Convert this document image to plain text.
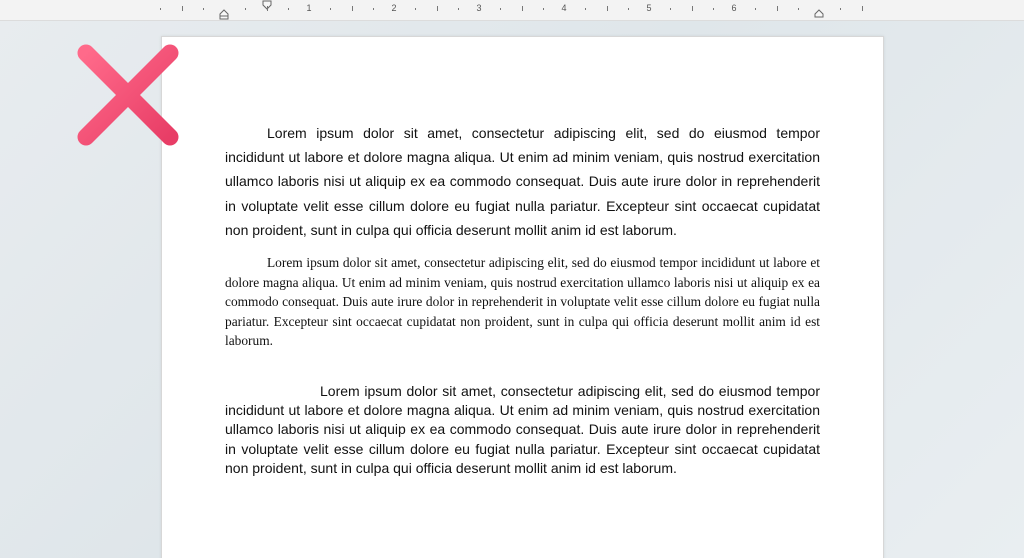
1	2	3	4	5	6

Lorem ipsum dolor sit amet, consectetur adipiscing elit, sed do eiusmod tempor incididunt ut labore et dolore magna aliqua. Ut enim ad minim veniam, quis nostrud exercitation ullamco laboris nisi ut aliquip ex ea commodo consequat. Duis aute irure dolor in reprehenderit in voluptate velit esse cillum dolore eu fugiat nulla pariatur. Excepteur sint occaecat cupidatat non proident, sunt in culpa qui officia deserunt mollit anim id est laborum.

Lorem ipsum dolor sit amet, consectetur adipiscing elit, sed do eiusmod tempor incididunt ut labore et dolore magna aliqua. Ut enim ad minim veniam, quis nostrud exercitation ullamco laboris nisi ut aliquip ex ea commodo consequat. Duis aute irure dolor in reprehenderit in voluptate velit esse cillum dolore eu fugiat nulla pariatur. Excepteur sint occaecat cupidatat non proident, sunt in culpa qui officia deserunt mollit anim id est laborum.

Lorem ipsum dolor sit amet, consectetur adipiscing elit, sed do eiusmod tempor incididunt ut labore et dolore magna aliqua. Ut enim ad minim veniam, quis nostrud exercitation ullamco laboris nisi ut aliquip ex ea commodo consequat. Duis aute irure dolor in reprehenderit in voluptate velit esse cillum dolore eu fugiat nulla pariatur. Excepteur sint occaecat cupidatat non proident, sunt in culpa qui officia deserunt mollit anim id est laborum.
